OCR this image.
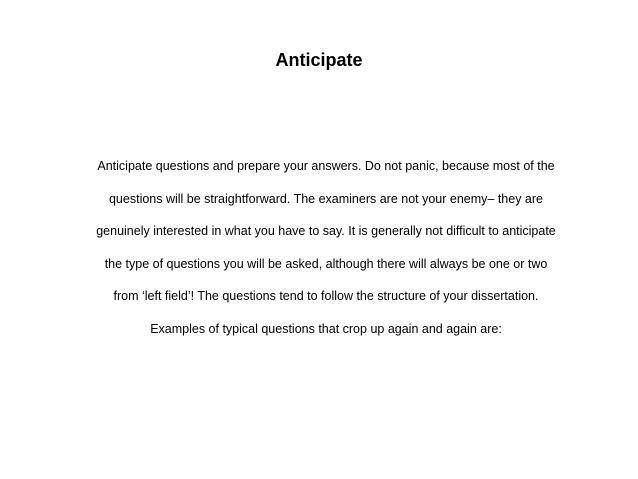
Anticipate
Anticipate questions and prepare your answers. Do not panic, because most of the
questions will be straightforward. The examiners are not your enemy– they are
genuinely interested in what you have to say. It is generally not difficult to anticipate
the type of questions you will be asked, although there will always be one or two
from ‘left field’! The questions tend to follow the structure of your dissertation.
Examples of typical questions that crop up again and again are:
